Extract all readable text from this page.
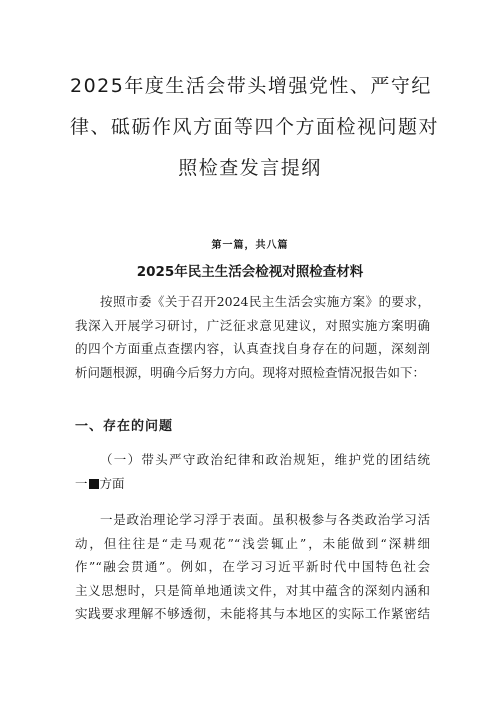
2025年度生活会带头增强党性、严守纪
律、砥砺作风方面等四个方面检视问题对
照检查发言提纲
第一篇，共八篇
2025年民主生活会检视对照检查材料

按照市委《关于召开2024民主生活会实施方案》的要求，
我深入开展学习研讨，广泛征求意见建议，对照实施方案明确
的四个方面重点查摆内容，认真查找自身存在的问题，深刻剖
析问题根源，明确今后努力方向。现将对照检查情况报告如下：

一、存在的问题

（一）带头严守政治纪律和政治规矩，维护党的团结统
一 方面

一是政治理论学习浮于表面。虽积极参与各类政治学习活
动，但往往是“走马观花”“浅尝辄止”，未能做到“深耕细
作”“融会贯通”。例如，在学习习近平新时代中国特色社会
主义思想时，只是简单地通读文件，对其中蕴含的深刻内涵和
实践要求理解不够透彻，未能将其与本地区的实际工作紧密结
